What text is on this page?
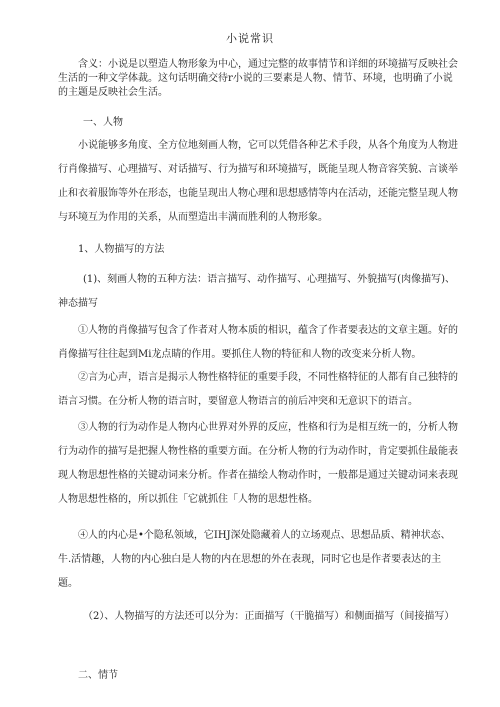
小说常识
含义：小说是以塑造人物形象为中心，通过完整的故事情节和详细的环境描写反映社会生活的一种文学体裁。这句话明确交待r小说的三要素是人物、情节、环境，也明确了小说的主题是反映社会生活。
一、人物
小说能够多角度、全方位地刻画人物，它可以凭借各种艺术手段，从各个角度为人物进行肖像描写、心理描写、对话描写、行为描写和环境描写，既能呈现人物音容笑貌、言谈举止和衣着服饰等外在形态，也能呈现出人物心理和思想感情等内在活动，还能完整呈现人物与环境互为作用的关系，从而塑造出丰满而胜利的人物形象。
1、人物描写的方法
(1)、刻画人物的五种方法：语言描写、动作描写、心理描写、外貌描写(肉像描写)、神态描写
①人物的肖像描写包含了作者对人物本质的相识，蕴含了作者要表达的文章主题。好的肖像描写往往起到Mi龙点睛的作用。要抓住人物的特征和人物的改变来分析人物。
②言为心声，语言是揭示人物性格特征的重要手段，不同性格特征的人都有自己独特的语言习惯。在分析人物的语言时，要留意人物语言的前后冲突和无意识下的语言。
③人物的行为动作是人物内心世界对外界的反应，性格和行为是相互统一的，分析人物行为动作的描写是把握人物性格的重要方面。在分析人物的行为动作时，肯定要抓住最能表现人物思想性格的关键动词来分析。作者在描绘人物动作时，一般都是通过关键动词来表现人物思想性格的，所以抓住「它就抓住「人物的思想性格。
④人的内心是•个隐私领域，它IHJ深处隐藏着人的立场观点、思想品质、精神状态、牛.活情趣，人物的内心独白是人物的内在思想的外在表现，同时它也是作者要表达的主题。
（2）、人物描写的方法还可以分为：正面描写（干脆描写）和侧面描写（间接描写）
二、情节
